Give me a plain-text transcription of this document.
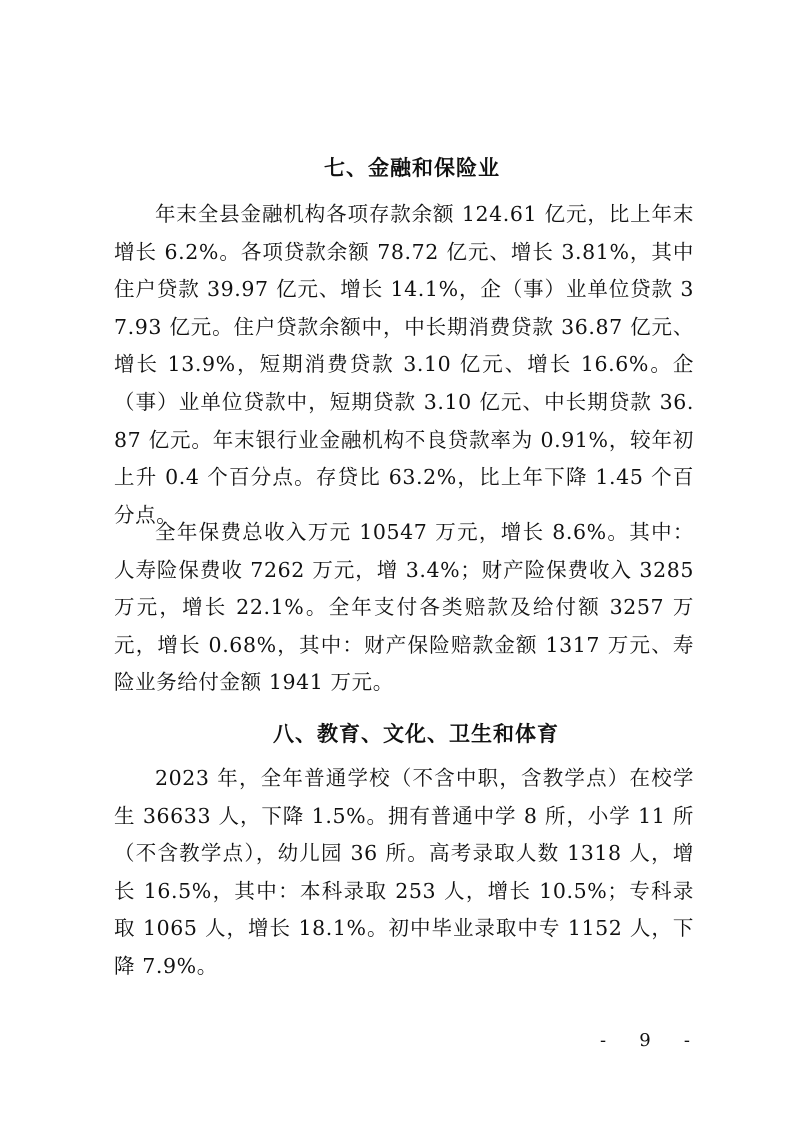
七、金融和保险业
年末全县金融机构各项存款余额 124.61 亿元，比上年末增长 6.2%。各项贷款余额 78.72 亿元、增长 3.81%，其中住户贷款 39.97 亿元、增长 14.1%，企（事）业单位贷款 37.93 亿元。住户贷款余额中，中长期消费贷款 36.87 亿元、增长 13.9%，短期消费贷款 3.10 亿元、增长 16.6%。企（事）业单位贷款中，短期贷款 3.10 亿元、中长期贷款 36.87 亿元。年末银行业金融机构不良贷款率为 0.91%，较年初上升 0.4 个百分点。存贷比 63.2%，比上年下降 1.45 个百分点。
全年保费总收入万元 10547 万元，增长 8.6%。其中：人寿险保费收 7262 万元，增 3.4%；财产险保费收入 3285 万元，增长 22.1%。全年支付各类赔款及给付额 3257 万元，增长 0.68%，其中：财产保险赔款金额 1317 万元、寿险业务给付金额 1941 万元。
八、教育、文化、卫生和体育
2023 年，全年普通学校（不含中职，含教学点）在校学生 36633 人，下降 1.5%。拥有普通中学 8 所，小学 11 所（不含教学点），幼儿园 36 所。高考录取人数 1318 人，增长 16.5%，其中：本科录取 253 人，增长 10.5%；专科录取 1065 人，增长 18.1%。初中毕业录取中专 1152 人，下降 7.9%。
- 9 -
